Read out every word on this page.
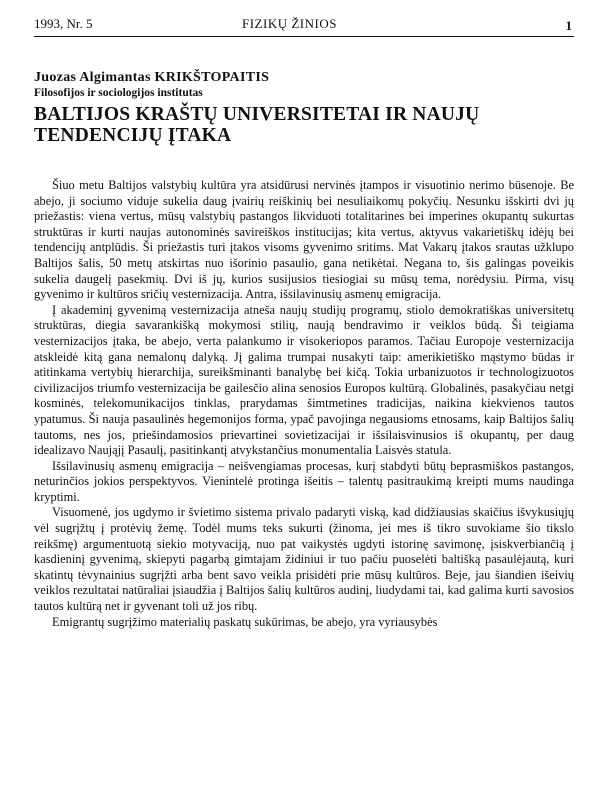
1993, Nr. 5	FIZIKŲ ŽINIOS	1
Juozas Algimantas KRIKŠTOPAITIS
Filosofijos ir sociologijos institutas
BALTIJOS KRAŠTŲ UNIVERSITETAI IR NAUJŲ
TENDENCIJŲ ĮTAKA

Šiuo metu Baltijos valstybių kultūra yra atsidūrusi nervinės įtampos ir visuotinio nerimo būsenoje. Be abejo, ji sociumo viduje sukelia daug įvairių reiškinių bei nesuliaikomų pokyčių. Nesunku išskirti dvi jų priežastis: viena vertus, mūsų valstybių pastangos likviduoti totalitarines bei imperines okupantų sukurtas struktūras ir kurti naujas autonominės savireiškos institucijas; kita vertus, aktyvus vakarietiškų idėjų bei tendencijų antplūdis. Ši priežastis turi įtakos visoms gyvenimo sritims. Mat Vakarų įtakos srautas užklupo Baltijos šalis, 50 metų atskirtas nuo išorinio pasaulio, gana netikėtai. Negana to, šis galingas poveikis sukelia daugelį pasekmių. Dvi iš jų, kurios susijusios tiesiogiai su mūsų tema, norėdysiu. Pirma, visų gyvenimo ir kultūros sričių vesternizacija. Antra, išsilavinusių asmenų emigracija.

Į akademinį gyvenimą vesternizacija atneša naujų studijų programų, stiolo demokratiškas universitetų struktūras, diegia savarankišką mokymosi stilių, naują bendravimo ir veiklos būdą. Ši teigiama vesternizacijos įtaka, be abejo, verta palankumo ir visokeriopos paramos. Tačiau Europoje vesternizacija atskleidė kitą gana nemalonų dalyką. Jį galima trumpai nusakyti taip: amerikietiško mąstymo būdas ir atitinkama vertybių hierarchija, sureikšminanti banalybę bei kičą. Tokia urbanizuotos ir technologizuotos civilizacijos triumfo vesternizacija be gailesčio alina senosios Europos kultūrą. Globalinės, pasakyčiau netgi kosminės, telekomunikacijos tinklas, prarydamas šimtmetines tradicijas, naikina kiekvienos tautos ypatumus. Ši nauja pasaulinės hegemonijos forma, ypač pavojinga negausioms etnosams, kaip Baltijos šalių tautoms, nes jos, priešindamosios prievartinei sovietizacijai ir išsilaisvinusios iš okupantų, per daug idealizavo Naująjį Pasaulį, pasitinkantį atvykstančius monumentalia Laisvės statula.

Išsilavinusių asmenų emigracija – neišvengiamas procesas, kurį stabdyti būtų beprasmiškos pastangos, neturinčios jokios perspektyvos. Vienintelė protinga išeitis – talentų pasitraukimą kreipti mums naudinga kryptimi.

Visuomenė, jos ugdymo ir švietimo sistema privalo padaryti viską, kad didžiausias skaičius išvykusiųjų vėl sugrįžtų į protėvių žemę. Todėl mums teks sukurti (žinoma, jei mes iš tikro suvokiame šio tikslo reikšmę) argumentuotą siekio motyvaciją, nuo pat vaikystės ugdyti istorinę savimonę, įsiskverbiančią į kasdieninį gyvenimą, skiepyti pagarbą gimtajam židiniui ir tuo pačiu puoselėti baltišką pasaulėjautą, kuri skatintų tėvynainius sugrįžti arba bent savo veikla prisidėti prie mūsų kultūros. Beje, jau šiandien išeivių veiklos rezultatai natūraliai įsiaudžia į Baltijos šalių kultūros audinį, liudydami tai, kad galima kurti savosios tautos kultūrą net ir gyvenant toli už jos ribų.

Emigrantų sugrįžimo materialių paskatų sukūrimas, be abejo, yra vyriausybės
